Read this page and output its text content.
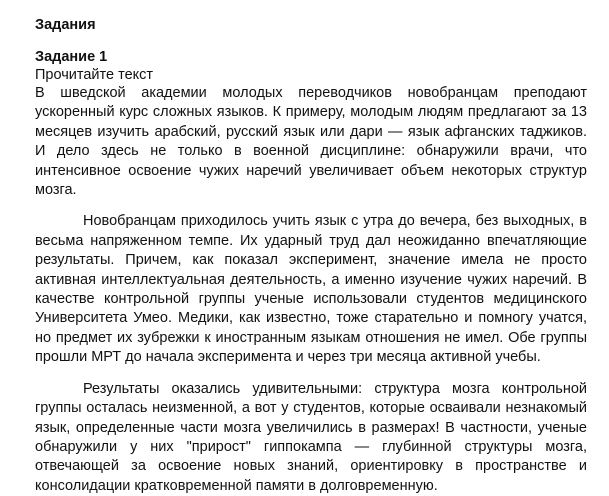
Задания
Задание 1
Прочитайте текст

В шведской академии молодых переводчиков новобранцам преподают ускоренный курс сложных языков. К примеру, молодым людям предлагают за 13 месяцев изучить арабский, русский язык или дари — язык афганских таджиков. И дело здесь не только в военной дисциплине: обнаружили врачи, что интенсивное освоение чужих наречий увеличивает объем некоторых структур мозга.

Новобранцам приходилось учить язык с утра до вечера, без выходных, в весьма напряженном темпе. Их ударный труд дал неожиданно впечатляющие результаты. Причем, как показал эксперимент, значение имела не просто активная интеллектуальная деятельность, а именно изучение чужих наречий. В качестве контрольной группы ученые использовали студентов медицинского Университета Умео. Медики, как известно, тоже старательно и помногу учатся, но предмет их зубрежки к иностранным языкам отношения не имел. Обе группы прошли МРТ до начала эксперимента и через три месяца активной учебы.

Результаты оказались удивительными: структура мозга контрольной группы осталась неизменной, а вот у студентов, которые осваивали незнакомый язык, определенные части мозга увеличились в размерах! В частности, ученые обнаружили у них "прирост" гиппокампа — глубинной структуры мозга, отвечающей за освоение новых знаний, ориентировку в пространстве и консолидации кратковременной памяти в долговременную.
